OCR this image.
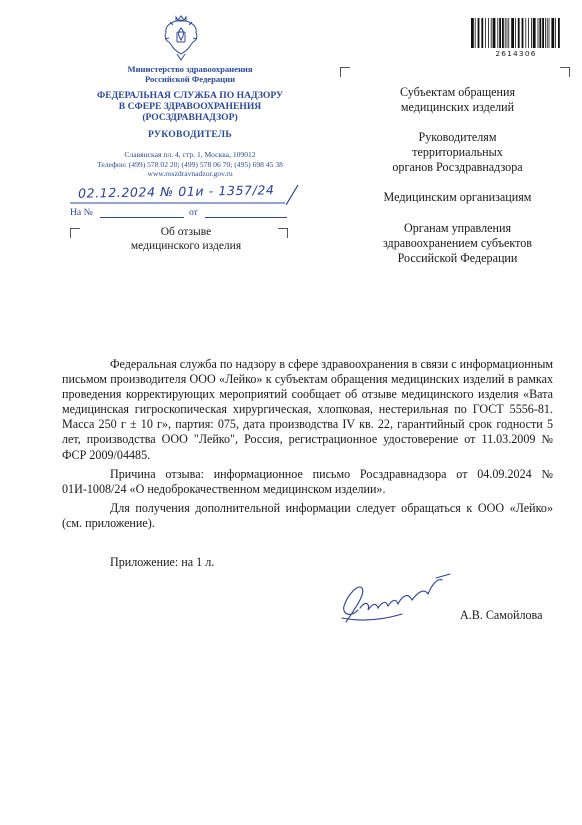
Министерство здравоохранения
Российской Федерации
ФЕДЕРАЛЬНАЯ СЛУЖБА ПО НАДЗОРУ
В СФЕРЕ ЗДРАВООХРАНЕНИЯ
(РОСЗДРАВНАДЗОР)
РУКОВОДИТЕЛЬ
Славянская пл. 4, стр. 1, Москва, 109012
Телефон: (499) 578 02 20; (499) 578 06 70; (495) 698 45 38
www.roszdravnadzor.gov.ru
02.12.2024 № 01и - 1357/24
На №	от
Об отзыве
медицинского изделия
2614306
Субъектам обращения
медицинских изделий
Руководителям
территориальных
органов Росздравнадзора
Медицинским организациям
Органам управления
здравоохранением субъектов
Российской Федерации

Федеральная служба по надзору в сфере здравоохранения в связи с информационным письмом производителя ООО «Лейко» к субъектам обращения медицинских изделий в рамках проведения корректирующих мероприятий сообщает об отзыве медицинского изделия «Вата медицинская гигроскопическая хирургическая, хлопковая, нестерильная по ГОСТ 5556-81. Масса 250 г ± 10 г», партия: 075, дата производства IV кв. 22, гарантийный срок годности 5 лет, производства ООО "Лейко", Россия, регистрационное удостоверение от 11.03.2009 № ФСР 2009/04485.

Причина отзыва: информационное письмо Росздравнадзора от 04.09.2024 № 01И-1008/24 «О недоброкачественном медицинском изделии».

Для получения дополнительной информации следует обращаться к ООО «Лейко» (см. приложение).

Приложение: на 1 л.
А.В. Самойлова
